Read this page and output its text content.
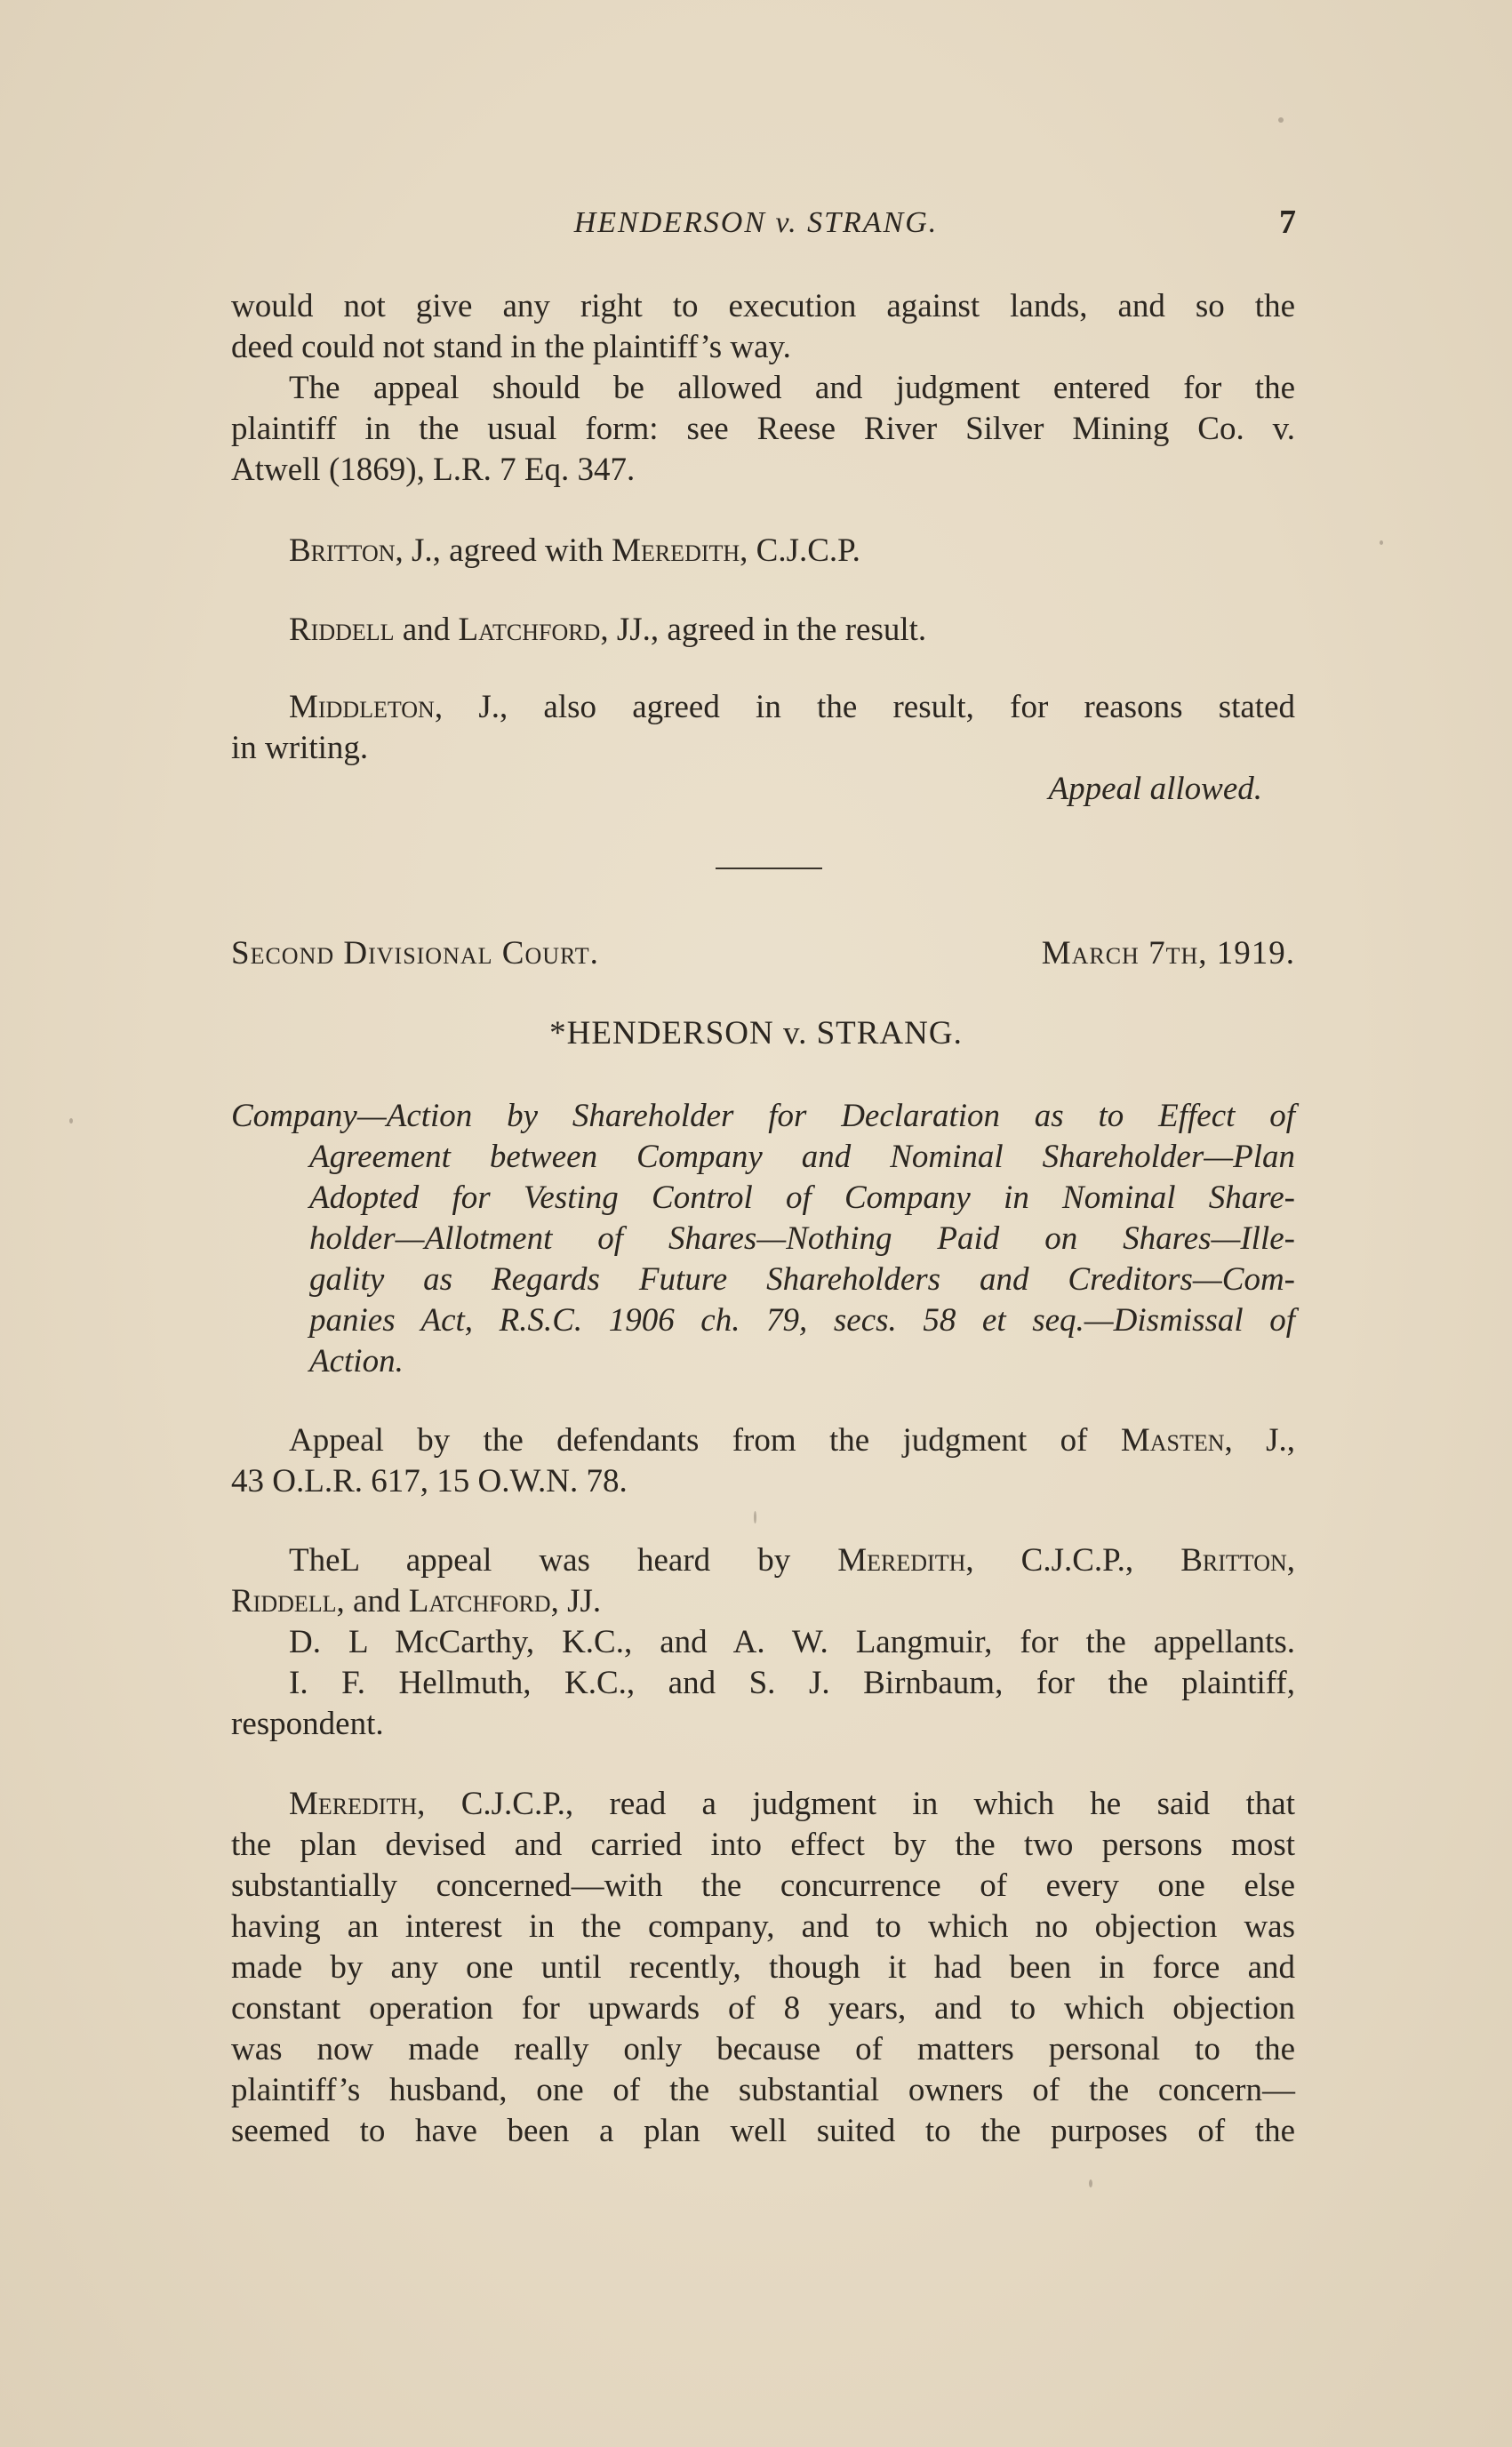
HENDERSON v. STRANG.	7
would not give any right to execution against lands, and so the
deed could not stand in the plaintiff’s way.
The appeal should be allowed and judgment entered for the
plaintiff in the usual form: see Reese River Silver Mining Co. v.
Atwell (1869), L.R. 7 Eq. 347.
Britton, J., agreed with Meredith, C.J.C.P.
Riddell and Latchford, JJ., agreed in the result.
Middleton, J., also agreed in the result, for reasons stated
in writing.
Appeal allowed.
Second Divisional Court.	March 7th, 1919.
*HENDERSON v. STRANG.
Company—Action by Shareholder for Declaration as to Effect of
Agreement between Company and Nominal Shareholder—Plan
Adopted for Vesting Control of Company in Nominal Share-
holder—Allotment of Shares—Nothing Paid on Shares—Ille-
gality as Regards Future Shareholders and Creditors—Com-
panies Act, R.S.C. 1906 ch. 79, secs. 58 et seq.—Dismissal of
Action.
Appeal by the defendants from the judgment of Masten, J.,
43 O.L.R. 617, 15 O.W.N. 78.
TheL appeal was heard by Meredith, C.J.C.P., Britton,
Riddell, and Latchford, JJ.
D. L McCarthy, K.C., and A. W. Langmuir, for the appellants.
I. F. Hellmuth, K.C., and S. J. Birnbaum, for the plaintiff,
respondent.
Meredith, C.J.C.P., read a judgment in which he said that
the plan devised and carried into effect by the two persons most
substantially concerned—with the concurrence of every one else
having an interest in the company, and to which no objection was
made by any one until recently, though it had been in force and
constant operation for upwards of 8 years, and to which objection
was now made really only because of matters personal to the
plaintiff’s husband, one of the substantial owners of the concern—
seemed to have been a plan well suited to the purposes of the
